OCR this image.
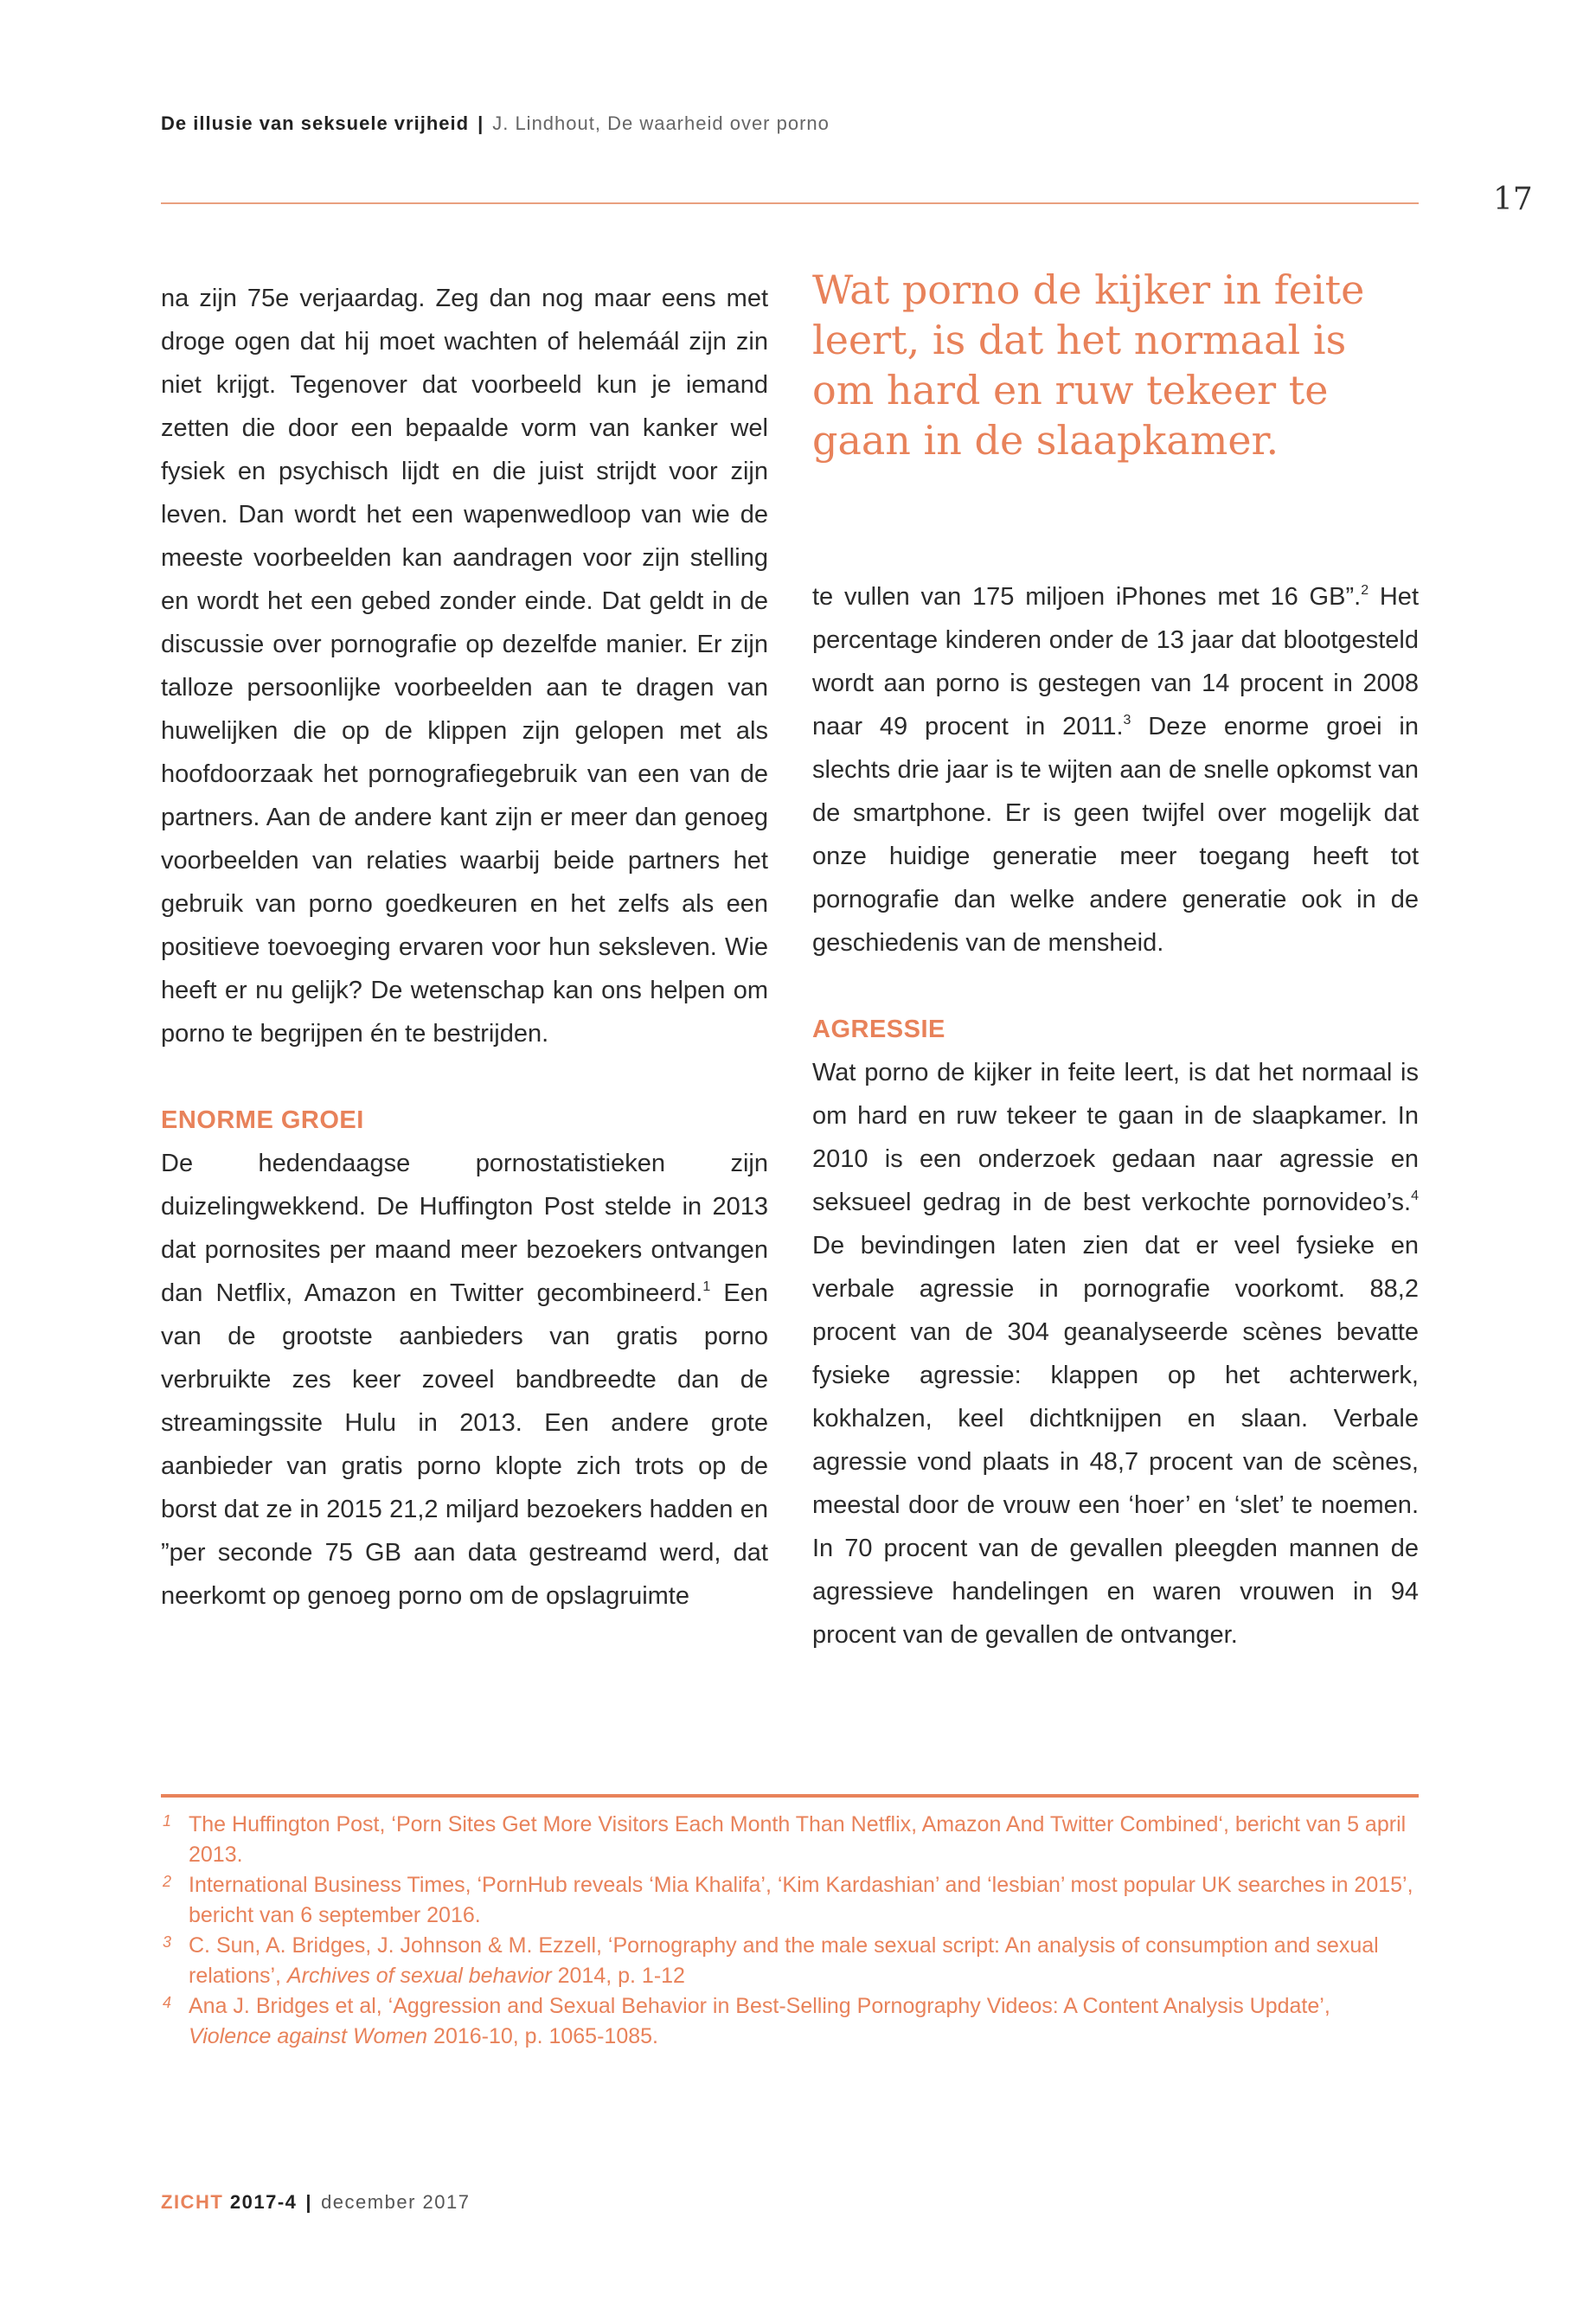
De illusie van seksuele vrijheid | J. Lindhout, De waarheid over porno
17

na zijn 75e verjaardag. Zeg dan nog maar eens met droge ogen dat hij moet wachten of helemáál zijn zin niet krijgt. Tegenover dat voorbeeld kun je iemand zetten die door een bepaalde vorm van kanker wel fysiek en psychisch lijdt en die juist strijdt voor zijn leven. Dan wordt het een wapenwedloop van wie de meeste voorbeelden kan aandragen voor zijn stelling en wordt het een gebed zonder einde. Dat geldt in de discussie over pornografie op dezelfde manier. Er zijn talloze persoonlijke voorbeelden aan te dragen van huwelijken die op de klippen zijn gelopen met als hoofdoorzaak het pornografiegebruik van een van de partners. Aan de andere kant zijn er meer dan genoeg voorbeelden van relaties waarbij beide partners het gebruik van porno goedkeuren en het zelfs als een positieve toevoeging ervaren voor hun seksleven. Wie heeft er nu gelijk? De wetenschap kan ons helpen om porno te begrijpen én te bestrijden.

ENORME GROEI

De hedendaagse pornostatistieken zijn duizelingwekkend. De Huffington Post stelde in 2013 dat pornosites per maand meer bezoekers ontvangen dan Netflix, Amazon en Twitter gecombineerd.$^1$ Een van de grootste aanbieders van gratis porno verbruikte zes keer zoveel bandbreedte dan de streamingssite Hulu in 2013. Een andere grote aanbieder van gratis porno klopte zich trots op de borst dat ze in 2015 21,2 miljard bezoekers hadden en ”per seconde 75 GB aan data gestreamd werd, dat neerkomt op genoeg porno om de opslagruimte

Wat porno de kijker in feite leert, is dat het normaal is om hard en ruw tekeer te gaan in de slaapkamer.

te vullen van 175 miljoen iPhones met 16 GB”.$^2$ Het percentage kinderen onder de 13 jaar dat blootgesteld wordt aan porno is gestegen van 14 procent in 2008 naar 49 procent in 2011.$^3$ Deze enorme groei in slechts drie jaar is te wijten aan de snelle opkomst van de smartphone. Er is geen twijfel over mogelijk dat onze huidige generatie meer toegang heeft tot pornografie dan welke andere generatie ook in de geschiedenis van de mensheid.

AGRESSIE

Wat porno de kijker in feite leert, is dat het normaal is om hard en ruw tekeer te gaan in de slaapkamer. In 2010 is een onderzoek gedaan naar agressie en seksueel gedrag in de best verkochte pornovideo’s.$^4$ De bevindingen laten zien dat er veel fysieke en verbale agressie in pornografie voorkomt. 88,2 procent van de 304 geanalyseerde scènes bevatte fysieke agressie: klappen op het achterwerk, kokhalzen, keel dichtknijpen en slaan. Verbale agressie vond plaats in 48,7 procent van de scènes, meestal door de vrouw een ‘hoer’ en ‘slet’ te noemen. In 70 procent van de gevallen pleegden mannen de agressieve handelingen en waren vrouwen in 94 procent van de gevallen de ontvanger.

1 The Huffington Post, ‘Porn Sites Get More Visitors Each Month Than Netflix, Amazon And Twitter Combined‘, bericht van 5 april 2013.
2 International Business Times, ‘PornHub reveals ‘Mia Khalifa’, ‘Kim Kardashian’ and ‘lesbian’ most popular UK searches in 2015’, bericht van 6 september 2016.
3 C. Sun, A. Bridges, J. Johnson & M. Ezzell, ‘Pornography and the male sexual script: An analysis of consumption and sexual relations’, Archives of sexual behavior 2014, p. 1-12
4 Ana J. Bridges et al, ‘Aggression and Sexual Behavior in Best-Selling Pornography Videos: A Content Analysis Update’, Violence against Women 2016-10, p. 1065-1085.
ZICHT 2017-4 | december 2017
